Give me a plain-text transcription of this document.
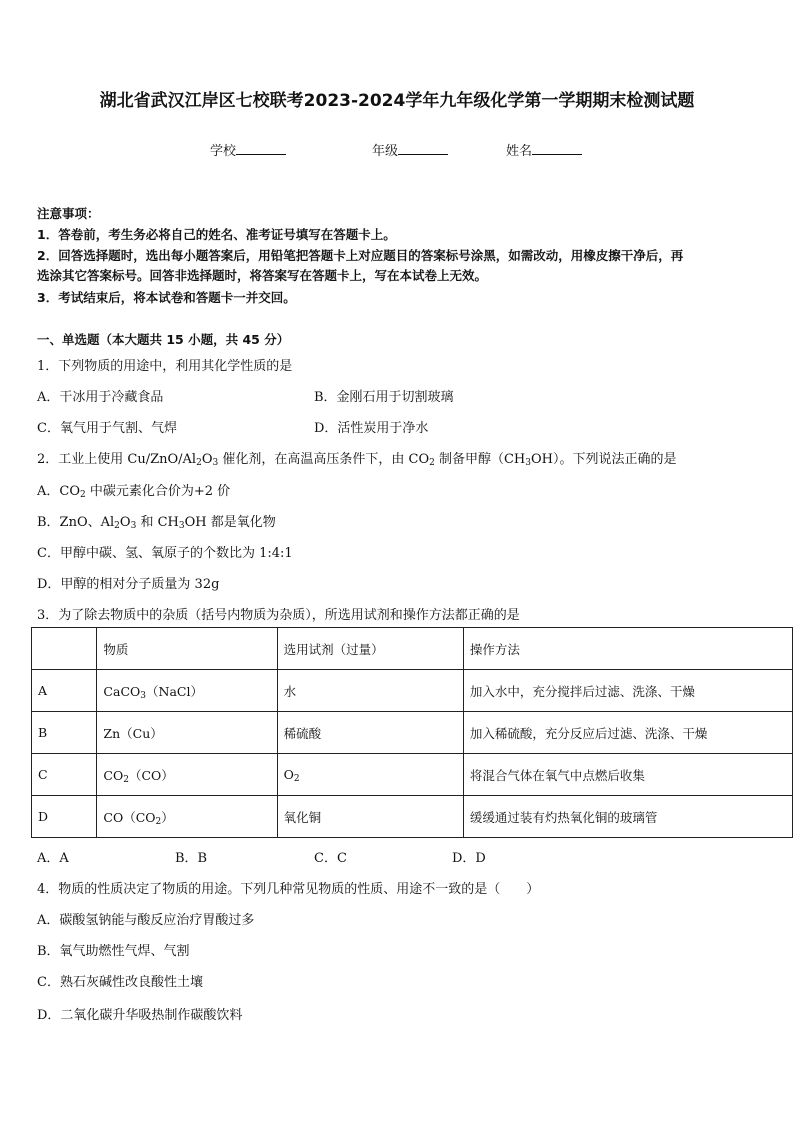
湖北省武汉江岸区七校联考2023-2024学年九年级化学第一学期期末检测试题
学校	年级	姓名
注意事项：
1．答卷前，考生务必将自己的姓名、准考证号填写在答题卡上。
2．回答选择题时，选出每小题答案后，用铅笔把答题卡上对应题目的答案标号涂黑，如需改动，用橡皮擦干净后，再
选涂其它答案标号。回答非选择题时，将答案写在答题卡上，写在本试卷上无效。
3．考试结束后，将本试卷和答题卡一并交回。
一、单选题（本大题共 15 小题，共 45 分）
1．下列物质的用途中，利用其化学性质的是
A．干冰用于冷藏食品	B．金刚石用于切割玻璃
C．氧气用于气割、气焊	D．活性炭用于净水
2．工业上使用 $Cu/ZnO/Al_2O_3$ 催化剂，在高温高压条件下，由 $CO_2$ 制备甲醇$(CH_3OH)$。下列说法正确的是
A．$CO_2$ 中碳元素化合价为+2 价
B．ZnO、$Al_2O_3$ 和 $CH_3OH$ 都是氧化物
C．甲醇中碳、氢、氧原子的个数比为 1:4:1
D．甲醇的相对分子质量为 32g
3．为了除去物质中的杂质（括号内物质为杂质），所选用试剂和操作方法都正确的是
	物质	选用试剂（过量）	操作方法
A	CaCO$_3$（NaCl）	水	加入水中，充分搅拌后过滤、洗涤、干燥
B	Zn（Cu）	稀硫酸	加入稀硫酸，充分反应后过滤、洗涤、干燥
C	$CO_2(CO)$	$O_2$	将混合气体在氧气中点燃后收集
D	$CO(CO_2)$	氧化铜	缓缓通过装有灼热氧化铜的玻璃管
A．A	B．B	C．C	D．D
4．物质的性质决定了物质的用途。下列几种常见物质的性质、用途不一致的是（　　）
A．碳酸氢钠能与酸反应治疗胃酸过多
B．氧气助燃性气焊、气割
C．熟石灰碱性改良酸性土壤
D．二氧化碳升华吸热制作碳酸饮料
